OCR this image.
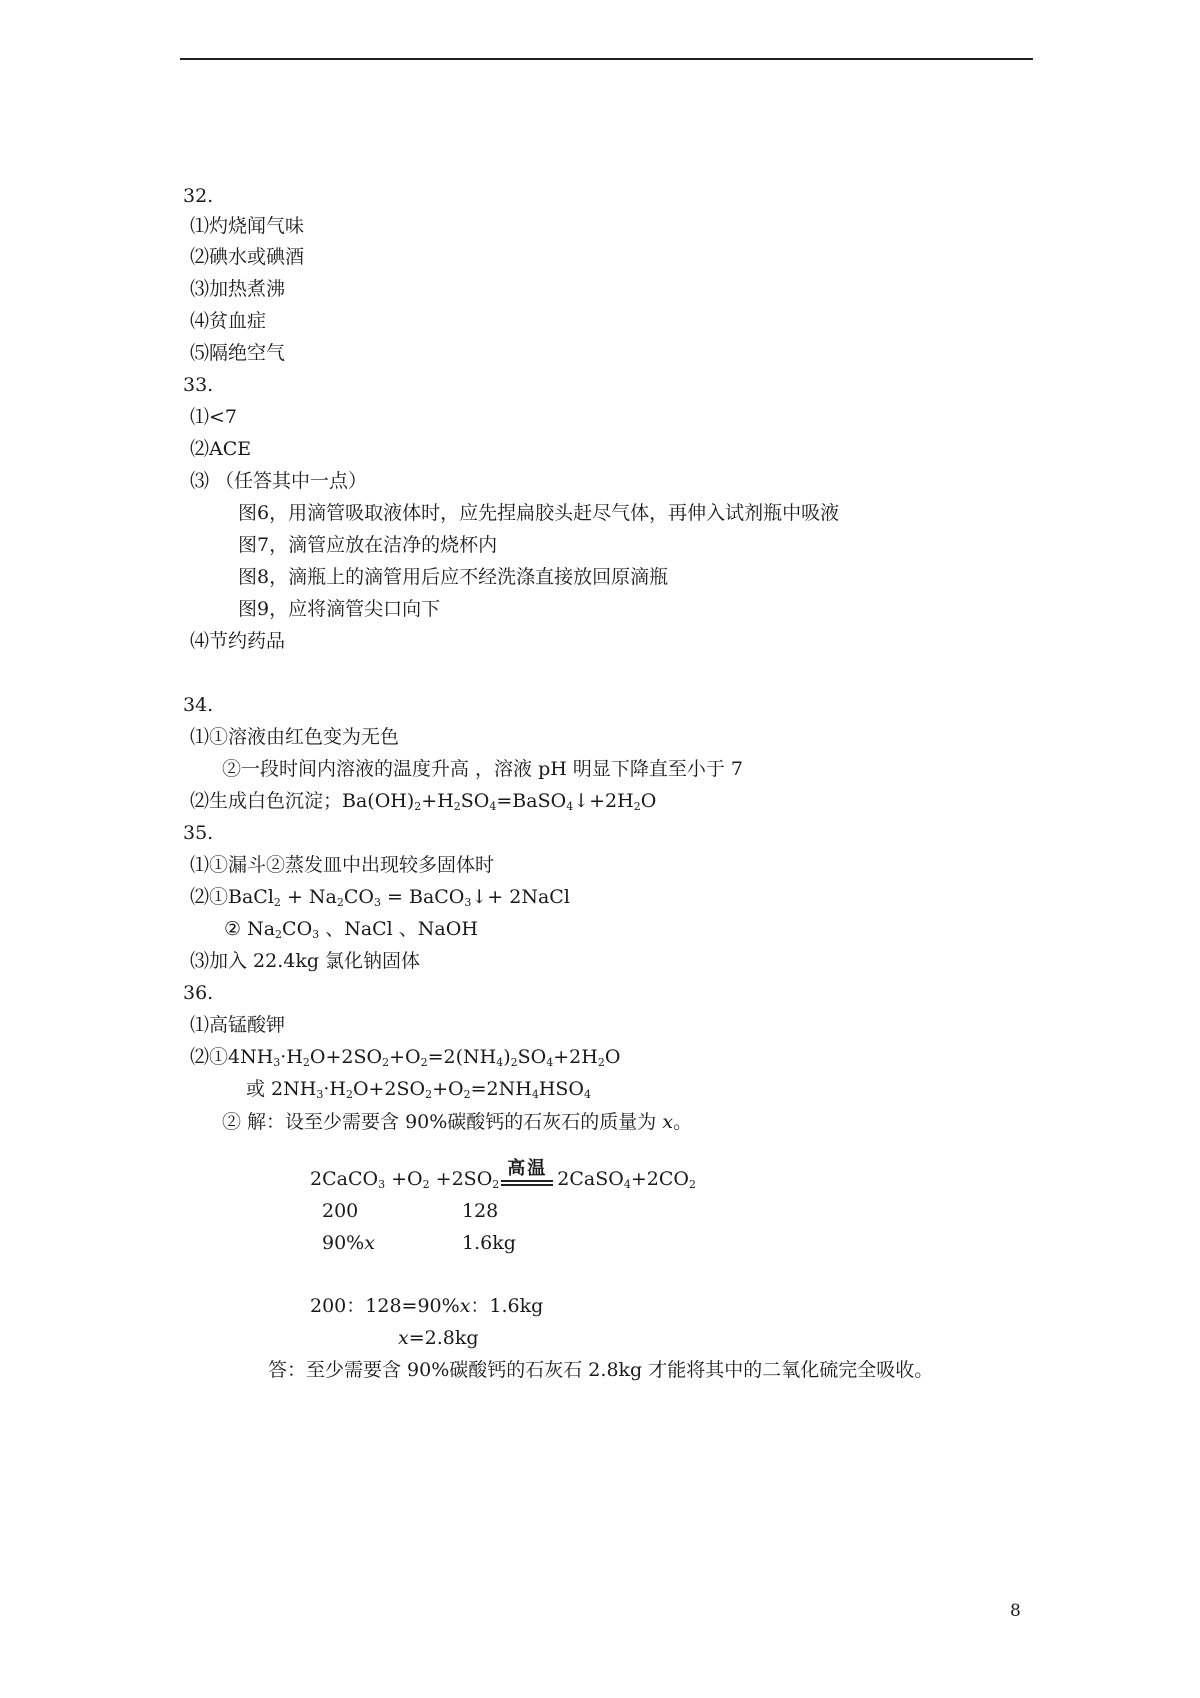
32.
⑴灼烧闻气味
⑵碘水或碘酒
⑶加热煮沸
⑷贫血症
⑸隔绝空气
33.
⑴<7
⑵ACE
⑶ （任答其中一点）
图6，用滴管吸取液体时，应先捏扁胶头赶尽气体，再伸入试剂瓶中吸液
图7，滴管应放在洁净的烧杯内
图8，滴瓶上的滴管用后应不经洗涤直接放回原滴瓶
图9，应将滴管尖口向下
⑷节约药品
34.
⑴①溶液由红色变为无色
②一段时间内溶液的温度升高 ，溶液 pH 明显下降直至小于 7
⑵生成白色沉淀；$Ba(OH)_2+H_2SO_4=BaSO_4↓+2H_2O$
35.
⑴①漏斗②蒸发皿中出现较多固体时
⑵①BaCl$_2$ + $Na_2CO_3$ = BaCO$_3$↓+ 2NaCl
② $Na_2CO_3$ 、NaCl 、NaOH
⑶加入 22.4kg 氯化钠固体
36.
⑴高锰酸钾
$⑵①4NH_3\cdot H_2O+2SO_2+O_2=2(NH_4)_2SO_4+2H_2O$
或 $2NH_3\cdot H_2O+2SO_2+O_2=2NH_4HSO_4$
② 解：设至少需要含 90%碳酸钙的石灰石的质量为 x。
2CaCO$_3$ $+O_2 +2SO_2$
高温 $2CaSO_4+2CO_2$
200	128
90%x	1.6kg
200：128=90%x：1.6kg
x=2.8kg
答：至少需要含 90%碳酸钙的石灰石 2.8kg 才能将其中的二氧化硫完全吸收。
8
